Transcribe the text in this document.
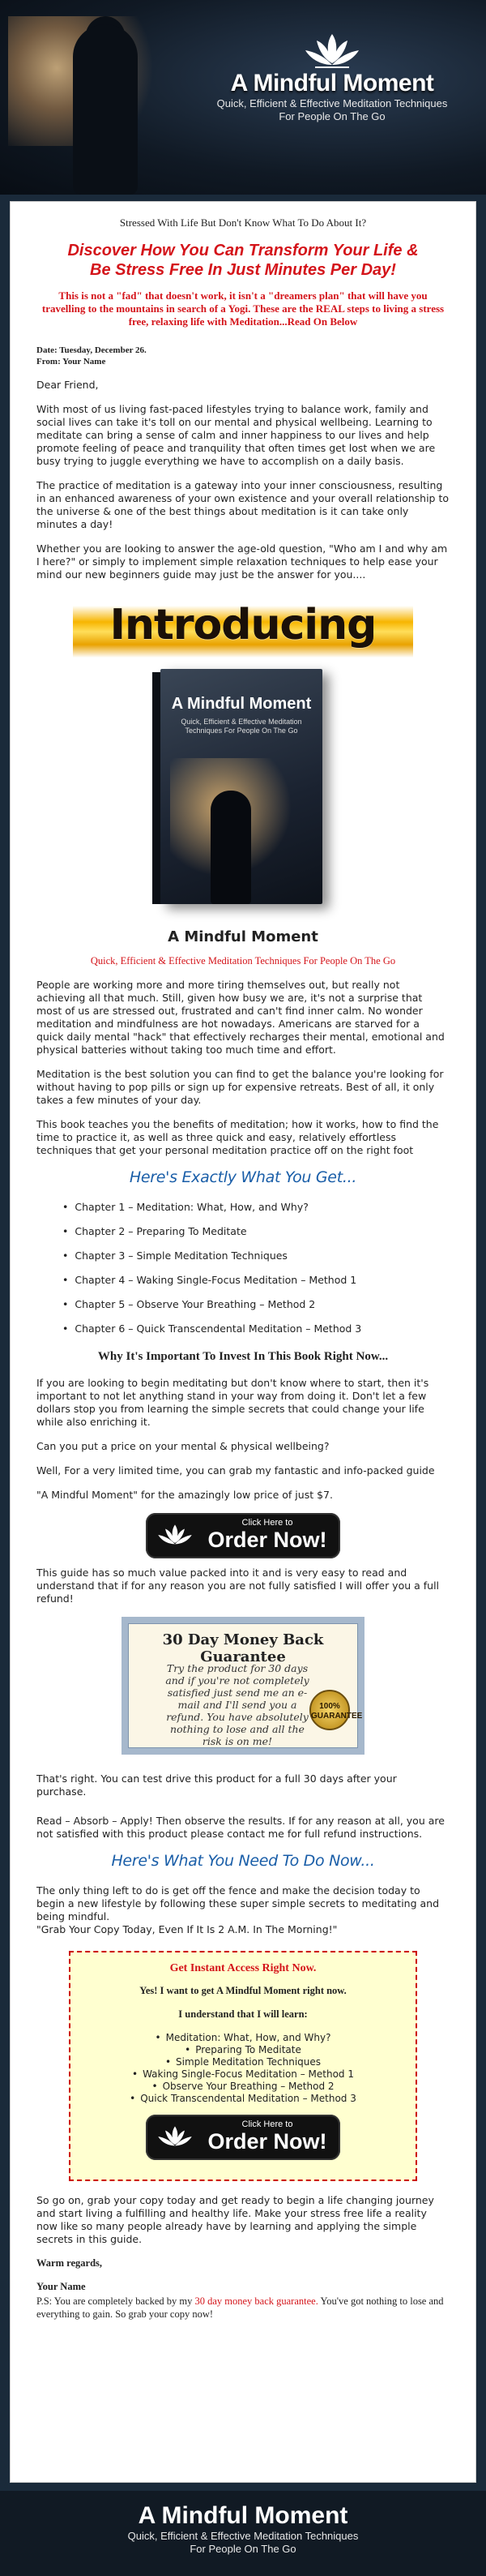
A Mindful Moment
Quick, Efficient & Effective Meditation Techniques
For People On The Go
Stressed With Life But Don't Know What To Do About It?
Discover How You Can Transform Your Life &
Be Stress Free In Just Minutes Per Day!
This is not a "fad" that doesn't work, it isn't a "dreamers plan" that will have you travelling to the mountains in search of a Yogi. These are the REAL steps to living a stress free, relaxing life with Meditation...Read On Below
Date: Tuesday, December 26.
From: Your Name

Dear Friend,

With most of us living fast-paced lifestyles trying to balance work, family and social lives can take it's toll on our mental and physical wellbeing. Learning to meditate can bring a sense of calm and inner happiness to our lives and help promote feeling of peace and tranquility that often times get lost when we are busy trying to juggle everything we have to accomplish on a daily basis.

The practice of meditation is a gateway into your inner consciousness, resulting in an enhanced awareness of your own existence and your overall relationship to the universe & one of the best things about meditation is it can take only minutes a day!

Whether you are looking to answer the age-old question, "Who am I and why am I here?" or simply to implement simple relaxation techniques to help ease your mind our new beginners guide may just be the answer for you....

Introducing
A Mindful Moment
Quick, Efficient & Effective Meditation Techniques For People On The Go
A Mindful Moment
Quick, Efficient & Effective Meditation Techniques For People On The Go

People are working more and more tiring themselves out, but really not achieving all that much. Still, given how busy we are, it's not a surprise that most of us are stressed out, frustrated and can't find inner calm. No wonder meditation and mindfulness are hot nowadays. Americans are starved for a quick daily mental "hack" that effectively recharges their mental, emotional and physical batteries without taking too much time and effort.

Meditation is the best solution you can find to get the balance you're looking for without having to pop pills or sign up for expensive retreats. Best of all, it only takes a few minutes of your day.

This book teaches you the benefits of meditation; how it works, how to find the time to practice it, as well as three quick and easy, relatively effortless techniques that get your personal meditation practice off on the right foot

Here's Exactly What You Get...
• Chapter 1 – Meditation: What, How, and Why?
• Chapter 2 – Preparing To Meditate
• Chapter 3 – Simple Meditation Techniques
• Chapter 4 – Waking Single-Focus Meditation – Method 1
• Chapter 5 – Observe Your Breathing – Method 2
• Chapter 6 – Quick Transcendental Meditation – Method 3
Why It's Important To Invest In This Book Right Now...

If you are looking to begin meditating but don't know where to start, then it's important to not let anything stand in your way from doing it. Don't let a few dollars stop you from learning the simple secrets that could change your life while also enriching it.

Can you put a price on your mental & physical wellbeing?

Well, For a very limited time, you can grab my fantastic and info-packed guide

"A Mindful Moment" for the amazingly low price of just $7.

Click Here to
Order Now!

This guide has so much value packed into it and is very easy to read and understand that if for any reason you are not fully satisfied I will offer you a full refund!

30 Day Money Back Guarantee
Try the product for 30 days and if you're not completely satisfied just send me an e-mail and I'll send you a refund. You have absolutely nothing to lose and all the risk is on me!
100% GUARANTEE

That's right. You can test drive this product for a full 30 days after your purchase.

Read – Absorb – Apply! Then observe the results. If for any reason at all, you are not satisfied with this product please contact me for full refund instructions.

Here's What You Need To Do Now...

The only thing left to do is get off the fence and make the decision today to begin a new lifestyle by following these super simple secrets to meditating and being mindful.

"Grab Your Copy Today, Even If It Is 2 A.M. In The Morning!"

Get Instant Access Right Now.
Yes! I want to get A Mindful Moment right now.
I understand that I will learn:
• Meditation: What, How, and Why?
• Preparing To Meditate
• Simple Meditation Techniques
• Waking Single-Focus Meditation – Method 1
• Observe Your Breathing – Method 2
• Quick Transcendental Meditation – Method 3
Click Here to
Order Now!

So go on, grab your copy today and get ready to begin a life changing journey and start living a fulfilling and healthy life. Make your stress free life a reality now like so many people already have by learning and applying the simple secrets in this guide.

Warm regards,
Your Name
P.S: You are completely backed by my 30 day money back guarantee. You've got nothing to lose and everything to gain. So grab your copy now!
A Mindful Moment
Quick, Efficient & Effective Meditation Techniques
For People On The Go
